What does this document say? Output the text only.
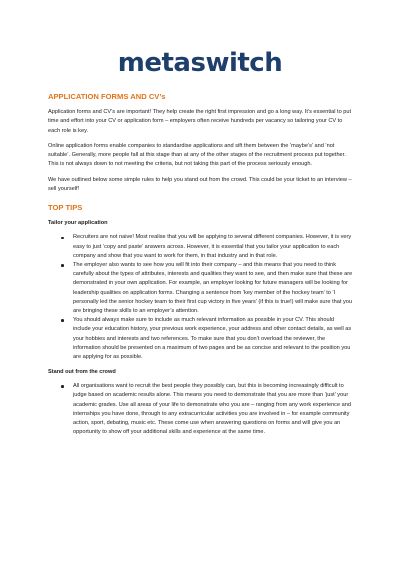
metaswitch
APPLICATION FORMS AND CV’s

Application forms and CV’s are important! They help create the right first impression and go a long way. It’s essential to put time and effort into your CV or application form – employers often receive hundreds per vacancy so tailoring your CV to each role is key.

Online application forms enable companies to standardise applications and sift them between the ‘maybe’s’ and ‘not suitable’. Generally, more people fall at this stage than at any of the other stages of the recruitment process put together. This is not always down to not meeting the criteria, but not taking this part of the process seriously enough.

We have outlined below some simple rules to help you stand out from the crowd. This could be your ticket to an interview – sell yourself!

TOP TIPS
Tailor your application
Recruiters are not naive! Most realise that you will be applying to several different companies. However, it is very easy to just ‘copy and paste’ answers across. However, it is essential that you tailor your application to each company and show that you want to work for them, in that industry and in that role.
The employer also wants to see how you will fit into their company – and this means that you need to think carefully about the types of attributes, interests and qualities they want to see, and then make sure that these are demonstrated in your own application. For example, an employer looking for future managers will be looking for leadership qualities on application forms. Changing a sentence from ‘key member of the hockey team’ to ‘I personally led the senior hockey team to their first cup victory in five years’ (if this is true!) will make sure that you are bringing these skills to an employer’s attention.
You should always make sure to include as much relevant information as possible in your CV. This should include your education history, your previous work experience, your address and other contact details, as well as your hobbies and interests and two references. To make sure that you don’t overload the reviewer, the information should be presented on a maximum of two pages and be as concise and relevant to the position you are applying for as possible.
Stand out from the crowd
All organisations want to recruit the best people they possibly can, but this is becoming increasingly difficult to judge based on academic results alone. This means you need to demonstrate that you are more than ‘just’ your academic grades. Use all areas of your life to demonstrate who you are – ranging from any work experience and internships you have done, through to any extracurricular activities you are involved in – for example community action, sport, debating, music etc. These come use when answering questions on forms and will give you an opportunity to show off your additional skills and experience at the same time.
